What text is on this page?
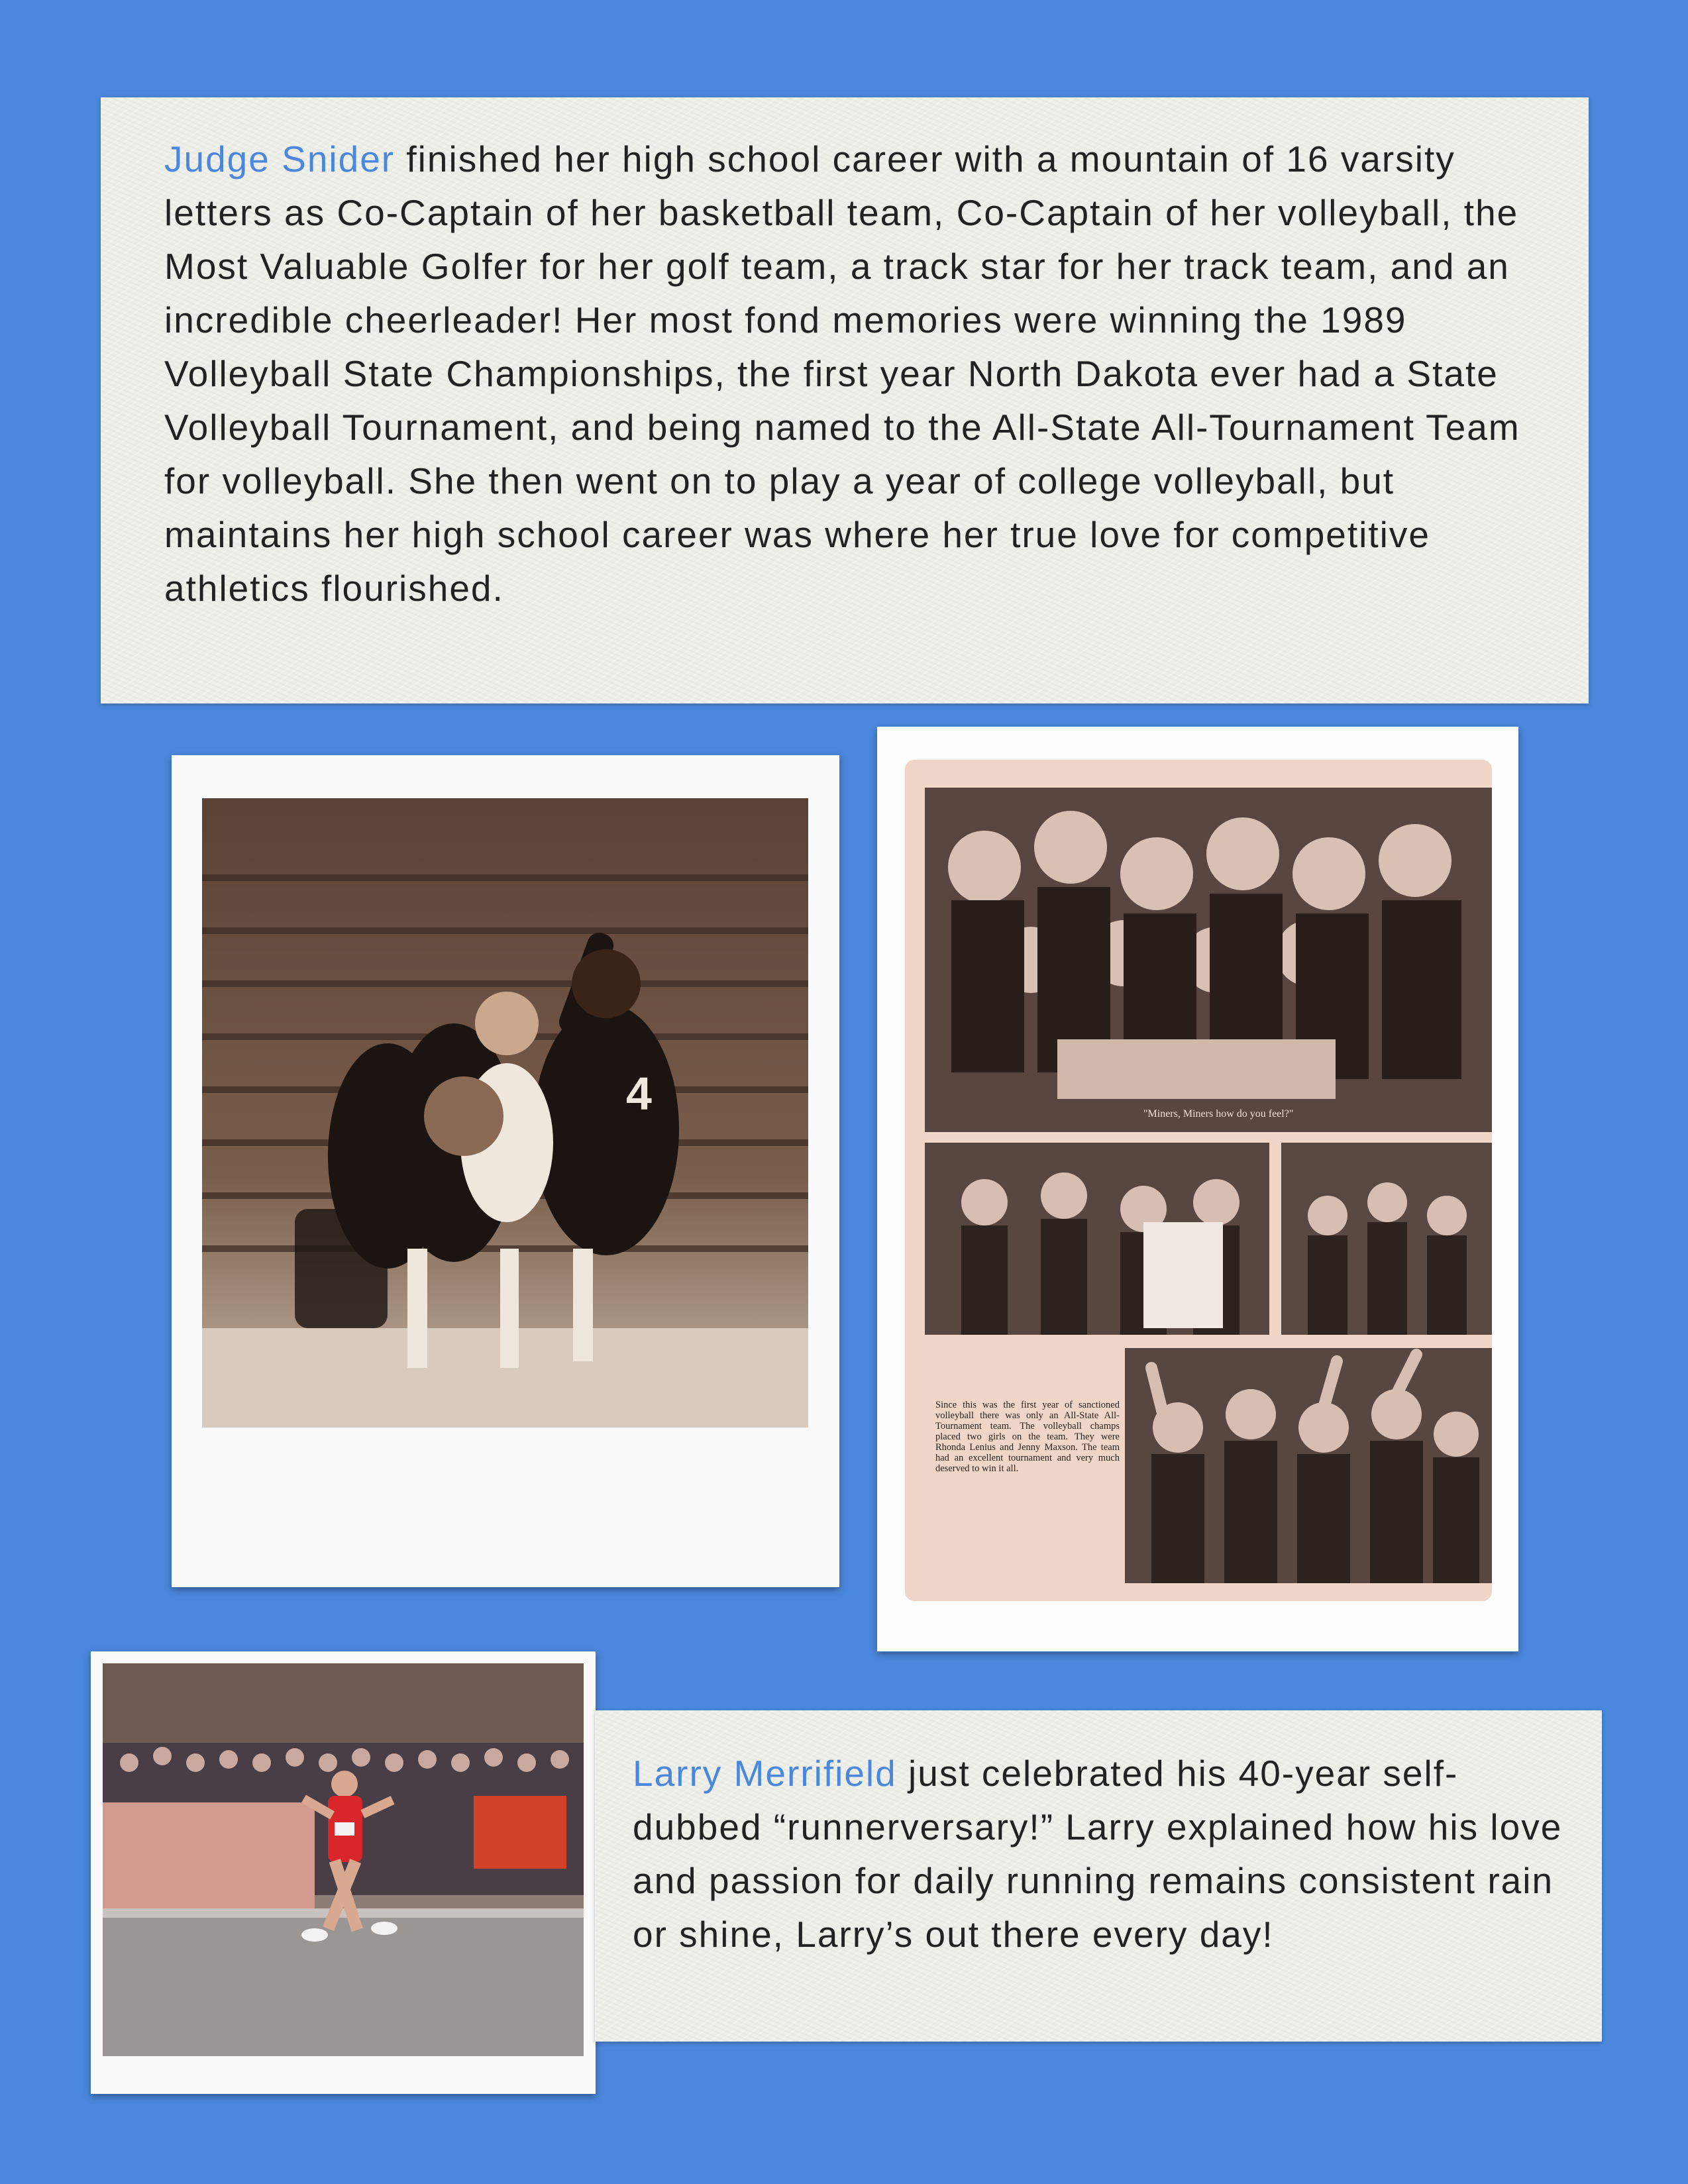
Judge Snider finished her high school career with a mountain of 16 varsity letters as Co-Captain of her basketball team, Co-Captain of her volleyball, the Most Valuable Golfer for her golf team, a track star for her track team, and an incredible cheerleader! Her most fond memories were winning the 1989 Volleyball State Championships, the first year North Dakota ever had a State Volleyball Tournament, and being named to the All-State All-Tournament Team for volleyball. She then went on to play a year of college volleyball, but maintains her high school career was where her true love for competitive athletics flourished.
4	"Miners, Miners how do you feel?"
Since this was the first year of sanctioned volleyball there was only an All-State All-Tournament team. The volleyball champs placed two girls on the team. They were Rhonda Lenius and Jenny Maxson. The team had an excellent tournament and very much deserved to win it all.
Larry Merrifield just celebrated his 40-year self-dubbed “runnerversary!” Larry explained how his love and passion for daily running remains consistent rain or shine, Larry’s out there every day!
